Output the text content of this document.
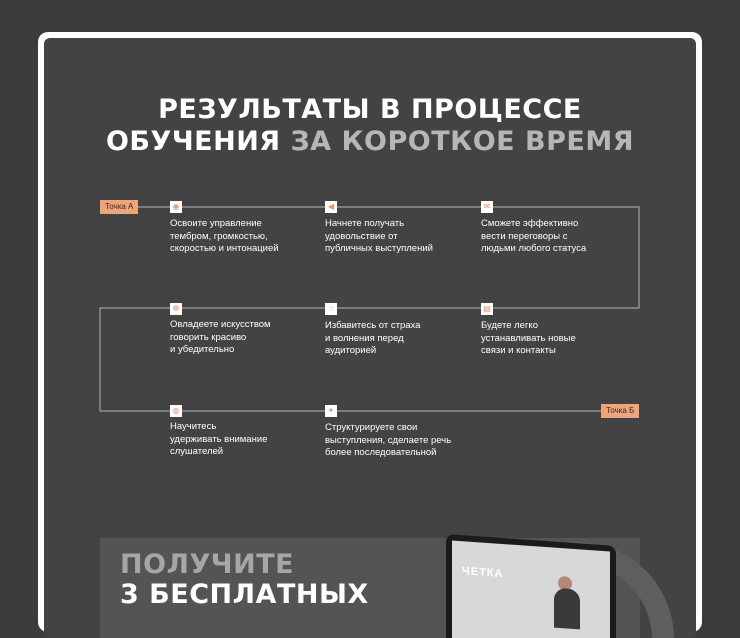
РЕЗУЛЬТАТЫ В ПРОЦЕССЕ
ОБУЧЕНИЯ ЗА КОРОТКОЕ ВРЕМЯ
Точка А
Точка Б
◉
Освоите управление
тембром, громкостью,
скоростью и интонацией
◀
Начнете получать
удовольствие от
публичных выступлений
✉
Сможете эффективно
вести переговоры с
людьми любого статуса
❁
Овладеете искусством
говорить красиво
и убедительно
☝
Избавитесь от страха
и волнения перед
аудиторией
▤
Будете легко
устанавливать новые
связи и контакты
◍
Научитесь
удерживать внимание
слушателей
✦
Структурируете свои
выступления, сделаете речь
более последовательной
ЧЕТКА
ПОЛУЧИТЕ
3 БЕСПЛАТНЫХ
